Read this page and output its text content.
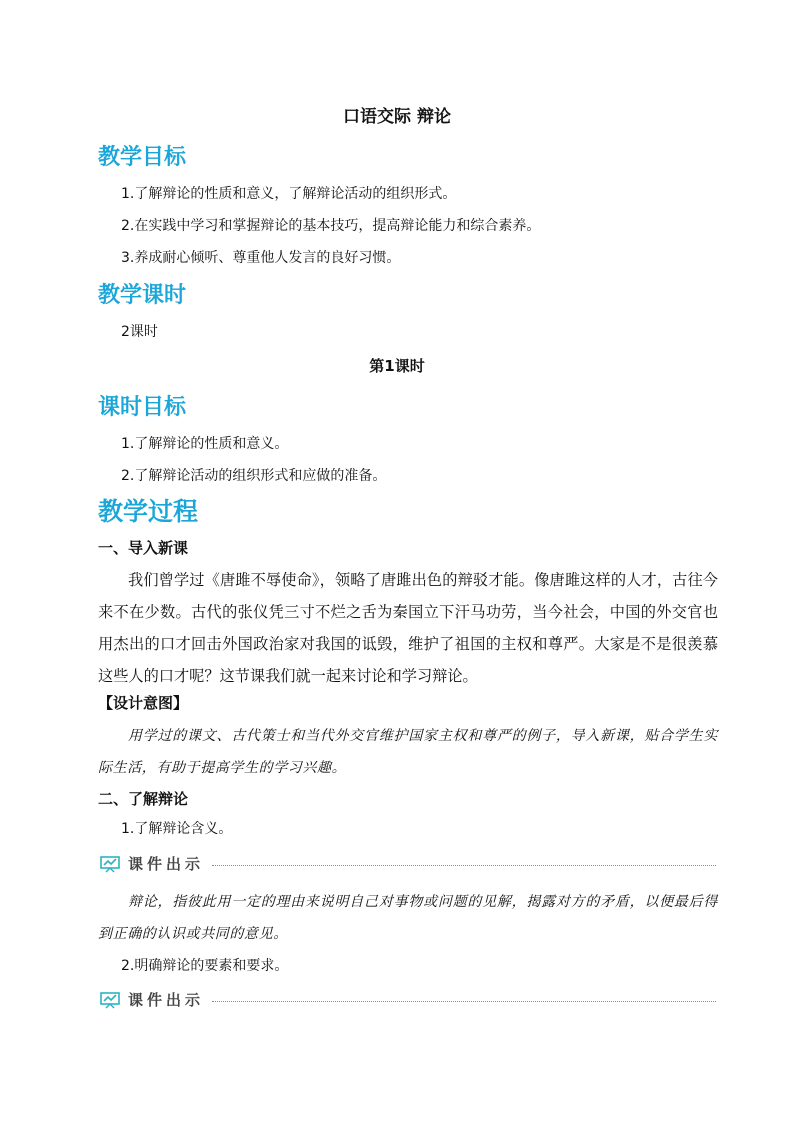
口语交际 辩论
教学目标
1.了解辩论的性质和意义，了解辩论活动的组织形式。
2.在实践中学习和掌握辩论的基本技巧，提高辩论能力和综合素养。
3.养成耐心倾听、尊重他人发言的良好习惯。
教学课时
2课时
第1课时
课时目标
1.了解辩论的性质和意义。
2.了解辩论活动的组织形式和应做的准备。
教学过程
一、导入新课
我们曾学过《唐雎不辱使命》，领略了唐雎出色的辩驳才能。像唐雎这样的人才，古往今来不在少数。古代的张仪凭三寸不烂之舌为秦国立下汗马功劳，当今社会，中国的外交官也用杰出的口才回击外国政治家对我国的诋毁，维护了祖国的主权和尊严。大家是不是很羡慕这些人的口才呢？这节课我们就一起来讨论和学习辩论。
【设计意图】
用学过的课文、古代策士和当代外交官维护国家主权和尊严的例子，导入新课，贴合学生实际生活，有助于提高学生的学习兴趣。
二、了解辩论
1.了解辩论含义。
课件出示
辩论，指彼此用一定的理由来说明自己对事物或问题的见解，揭露对方的矛盾，以便最后得到正确的认识或共同的意见。
2.明确辩论的要素和要求。
课件出示
